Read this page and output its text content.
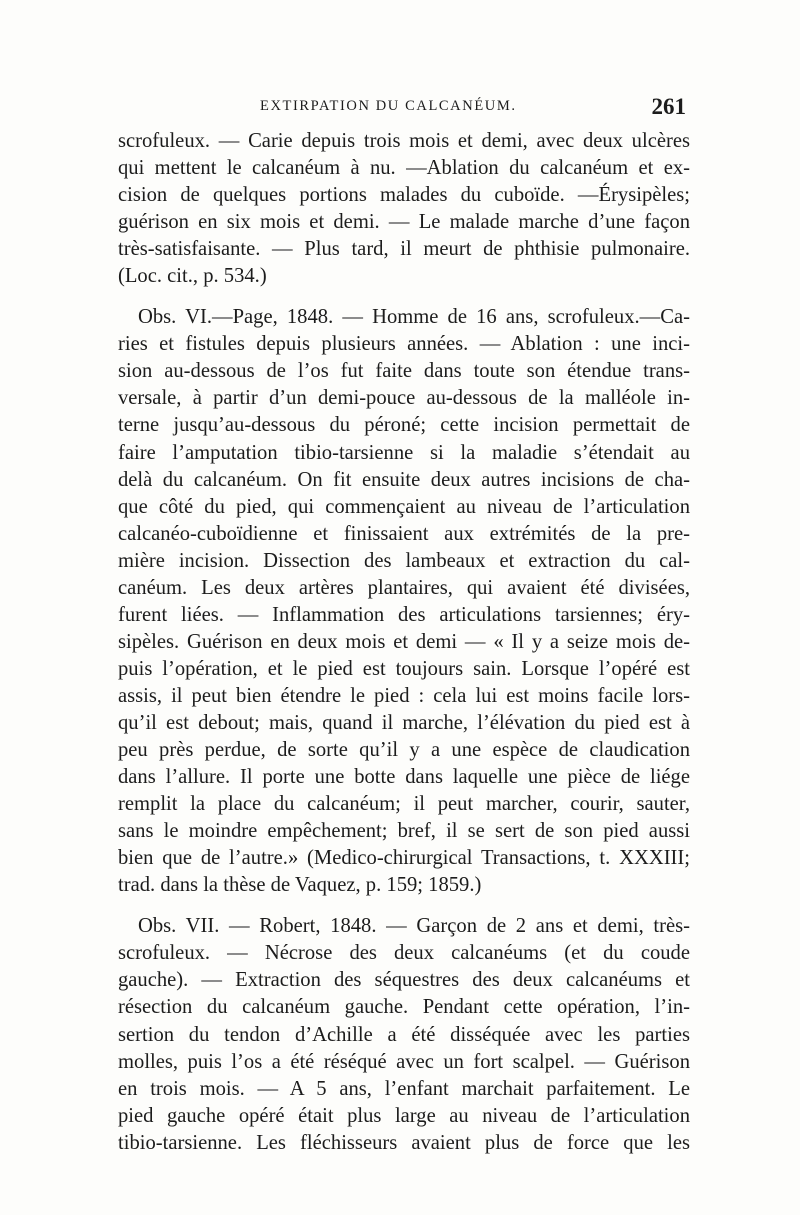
EXTIRPATION DU CALCANÉUM.	261
scrofuleux. — Carie depuis trois mois et demi, avec deux ulcères
qui mettent le calcanéum à nu. —Ablation du calcanéum et ex-
cision de quelques portions malades du cuboïde. —Érysipèles;
guérison en six mois et demi. — Le malade marche d’une façon
très-satisfaisante. — Plus tard, il meurt de phthisie pulmonaire.
(Loc. cit., p. 534.)
Obs. VI.—Page, 1848. — Homme de 16 ans, scrofuleux.—Ca-
ries et fistules depuis plusieurs années. — Ablation : une inci-
sion au-dessous de l’os fut faite dans toute son étendue trans-
versale, à partir d’un demi-pouce au-dessous de la malléole in-
terne jusqu’au-dessous du péroné; cette incision permettait de
faire l’amputation tibio-tarsienne si la maladie s’étendait au
delà du calcanéum. On fit ensuite deux autres incisions de cha-
que côté du pied, qui commençaient au niveau de l’articulation
calcanéo-cuboïdienne et finissaient aux extrémités de la pre-
mière incision. Dissection des lambeaux et extraction du cal-
canéum. Les deux artères plantaires, qui avaient été divisées,
furent liées. — Inflammation des articulations tarsiennes; éry-
sipèles. Guérison en deux mois et demi — « Il y a seize mois de-
puis l’opération, et le pied est toujours sain. Lorsque l’opéré est
assis, il peut bien étendre le pied : cela lui est moins facile lors-
qu’il est debout; mais, quand il marche, l’élévation du pied est à
peu près perdue, de sorte qu’il y a une espèce de claudication
dans l’allure. Il porte une botte dans laquelle une pièce de liége
remplit la place du calcanéum; il peut marcher, courir, sauter,
sans le moindre empêchement; bref, il se sert de son pied aussi
bien que de l’autre.» (Medico-chirurgical Transactions, t. XXXIII;
trad. dans la thèse de Vaquez, p. 159; 1859.)
Obs. VII. — Robert, 1848. — Garçon de 2 ans et demi, très-
scrofuleux. — Nécrose des deux calcanéums (et du coude
gauche). — Extraction des séquestres des deux calcanéums et
résection du calcanéum gauche. Pendant cette opération, l’in-
sertion du tendon d’Achille a été disséquée avec les parties
molles, puis l’os a été réséqué avec un fort scalpel. — Guérison
en trois mois. — A 5 ans, l’enfant marchait parfaitement. Le
pied gauche opéré était plus large au niveau de l’articulation
tibio-tarsienne. Les fléchisseurs avaient plus de force que les
